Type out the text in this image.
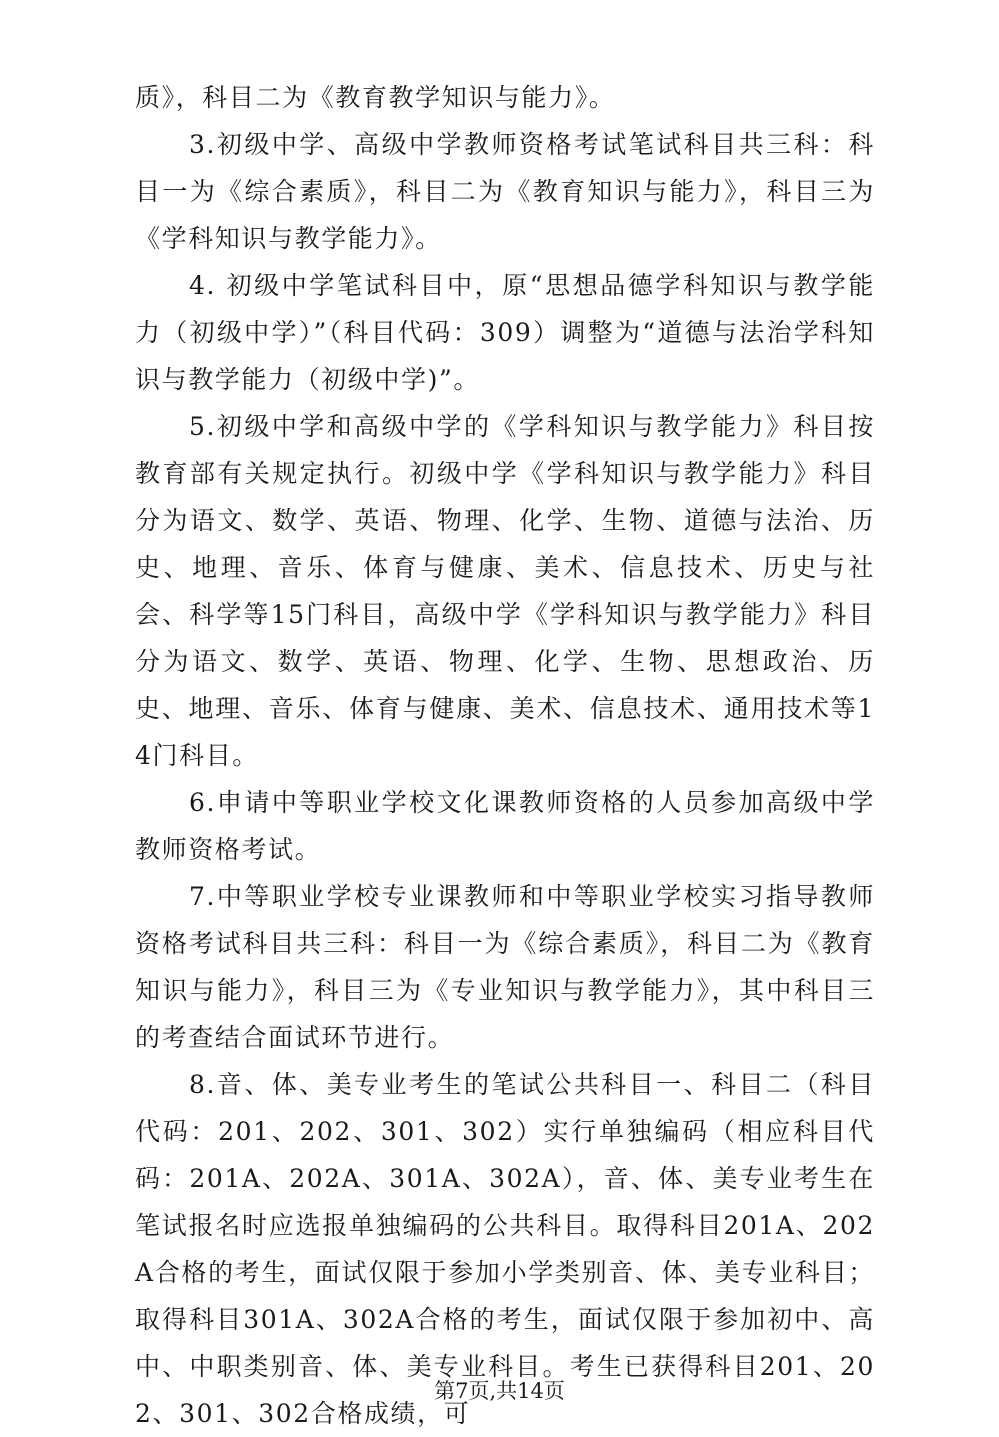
质》，科目二为《教育教学知识与能力》。

3.初级中学、高级中学教师资格考试笔试科目共三科：科目一为《综合素质》，科目二为《教育知识与能力》，科目三为《学科知识与教学能力》。

4. 初级中学笔试科目中，原“思想品德学科知识与教学能力（初级中学）”（科目代码：309）调整为“道德与法治学科知识与教学能力（初级中学)”。

5.初级中学和高级中学的《学科知识与教学能力》科目按教育部有关规定执行。初级中学《学科知识与教学能力》科目分为语文、数学、英语、物理、化学、生物、道德与法治、历史、地理、音乐、体育与健康、美术、信息技术、历史与社会、科学等15门科目，高级中学《学科知识与教学能力》科目分为语文、数学、英语、物理、化学、生物、思想政治、历史、地理、音乐、体育与健康、美术、信息技术、通用技术等14门科目。

6.申请中等职业学校文化课教师资格的人员参加高级中学教师资格考试。

7.中等职业学校专业课教师和中等职业学校实习指导教师资格考试科目共三科：科目一为《综合素质》，科目二为《教育知识与能力》，科目三为《专业知识与教学能力》，其中科目三的考查结合面试环节进行。

8.音、体、美专业考生的笔试公共科目一、科目二（科目代码：201、202、301、302）实行单独编码（相应科目代码：201A、202A、301A、302A），音、体、美专业考生在笔试报名时应选报单独编码的公共科目。取得科目201A、202A合格的考生，面试仅限于参加小学类别音、体、美专业科目；取得科目301A、302A合格的考生，面试仅限于参加初中、高中、中职类别音、体、美专业科目。考生已获得科目201、202、301、302合格成绩，可

第7页,共14页
